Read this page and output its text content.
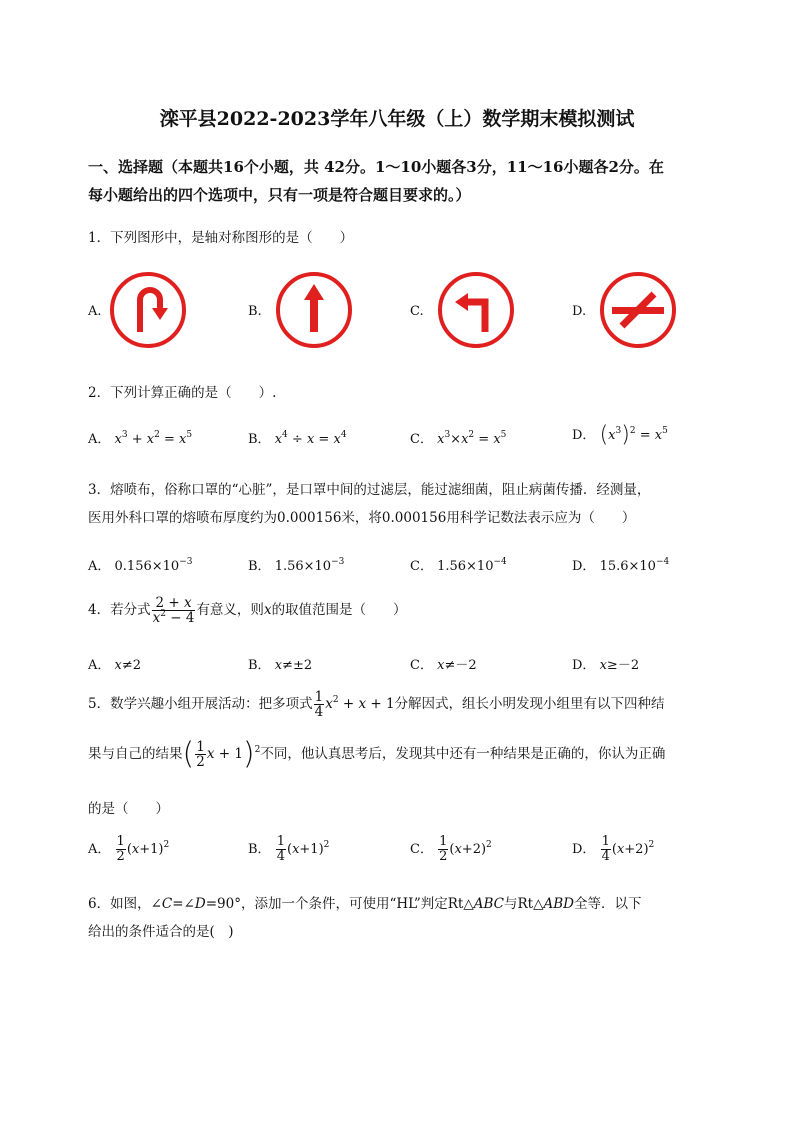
滦平县2022-2023学年八年级（上）数学期末模拟测试
一、选择题（本题共16个小题，共 42分。1～10小题各3分，11～16小题各2分。在
每小题给出的四个选项中，只有一项是符合题目要求的。）
1．下列图形中，是轴对称图形的是（　　）
A.	B.	C.	D.
2．下列计算正确的是（　　）.
A． $x^3 + x^2 = x^5$	B． $x^4 \div x = x^4$	C． $x^3\times x^2 = x^5$	D． $(x^3)^2 = x^5$
3．熔喷布，俗称口罩的“心脏”，是口罩中间的过滤层，能过滤细菌，阻止病菌传播．经测量，
医用外科口罩的熔喷布厚度约为0.000156米，将0.000156用科学记数法表示应为（　　）
A． $0.156\times 10^{-3}$	B． $1.56\times 10^{-3}$	C． $1.56\times 10^{-4}$	D． $15.6\times 10^{-4}$
4．若分式 $\frac{2 + x}{x^2 - 4}$ 有意义，则x的取值范围是（　　）
A． x≠2	B． x≠±2	C． x≠－2	D． x≥－2
5．数学兴趣小组开展活动：把多项式 $\frac{1}{4} x^2 + x + 1$分解因式，组长小明发现小组里有以下四种结
果与自己的结果( $\frac{1}{2}$ x + 1)$^2$不同，他认真思考后，发现其中还有一种结果是正确的，你认为正确
的是（　　）
A． $\frac{1}{2} (x+1)^2$	B． $\frac{1}{4} (x+1)^2$	C． $\frac{1}{2} (x+2)^2$	D． $\frac{1}{4} (x+2)^2$
6．如图，∠C=∠D=90°，添加一个条件，可使用“HL”判定Rt△ABC与Rt△ABD全等．以下
给出的条件适合的是(　)
